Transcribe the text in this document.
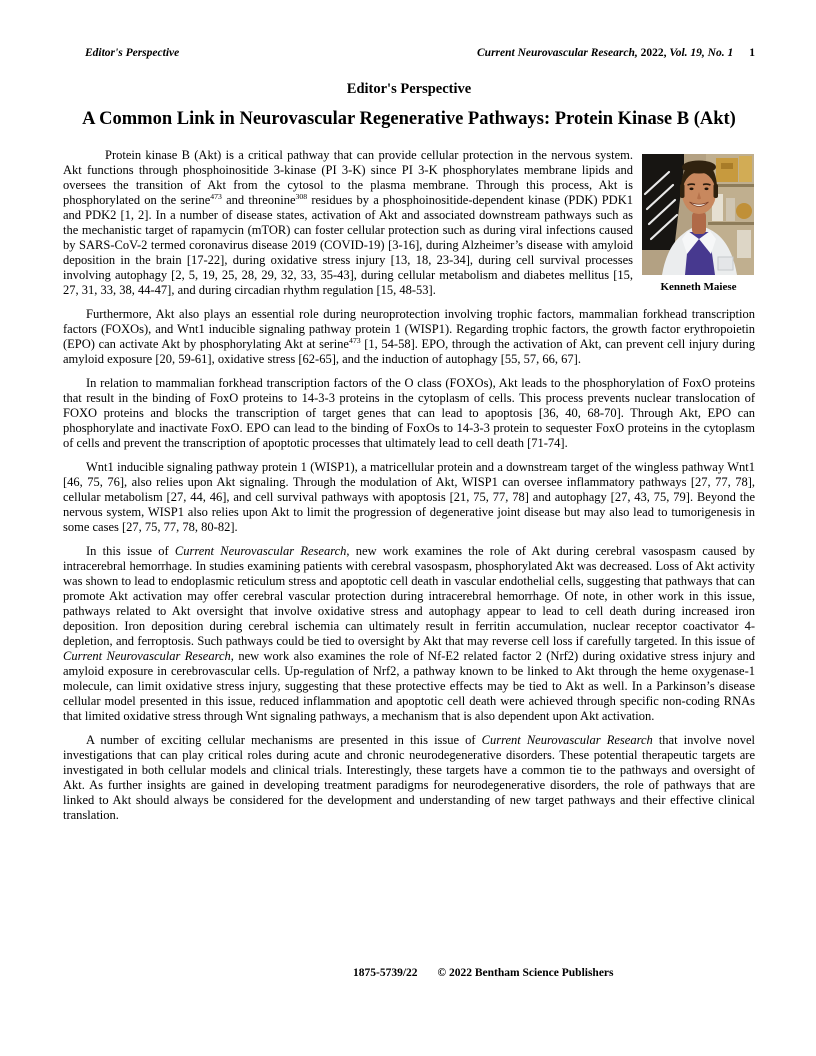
Editor's Perspective	Current Neurovascular Research, 2022, Vol. 19, No. 1 1
Editor's Perspective
A Common Link in Neurovascular Regenerative Pathways: Protein Kinase B (Akt)

Protein kinase B (Akt) is a critical pathway that can provide cellular protection in the nervous system. Akt functions through phosphoinositide 3-kinase (PI 3-K) since PI 3-K phosphorylates membrane lipids and oversees the transition of Akt from the cytosol to the plasma membrane. Through this process, Akt is phosphorylated on the serine$^{473}$ and threonine$^{308}$ residues by a phosphoinositide-dependent kinase (PDK) PDK1 and PDK2 [1, 2]. In a number of disease states, activation of Akt and associated downstream pathways such as the mechanistic target of rapamycin (mTOR) can foster cellular protection such as during viral infections caused by SARS-CoV-2 termed coronavirus disease 2019 (COVID-19) [3-16], during Alzheimer’s disease with amyloid deposition in the brain [17-22], during oxidative stress injury [13, 18, 23-34], during cell survival processes involving autophagy [2, 5, 19, 25, 28, 29, 32, 33, 35-43], during cellular metabolism and diabetes mellitus [15, 27, 31, 33, 38, 44-47], and during circadian rhythm regulation [15, 48-53].	Kenneth Maiese

Furthermore, Akt also plays an essential role during neuroprotection involving trophic factors, mammalian forkhead transcription factors (FOXOs), and Wnt1 inducible signaling pathway protein 1 (WISP1). Regarding trophic factors, the growth factor erythropoietin (EPO) can activate Akt by phosphorylating Akt at serine$^{473}$ [1, 54-58]. EPO, through the activation of Akt, can prevent cell injury during amyloid exposure [20, 59-61], oxidative stress [62-65], and the induction of autophagy [55, 57, 66, 67].

In relation to mammalian forkhead transcription factors of the O class (FOXOs), Akt leads to the phosphorylation of FoxO proteins that result in the binding of FoxO proteins to 14-3-3 proteins in the cytoplasm of cells. This process prevents nuclear translocation of FOXO proteins and blocks the transcription of target genes that can lead to apoptosis [36, 40, 68-70]. Through Akt, EPO can phosphorylate and inactivate FoxO. EPO can lead to the binding of FoxOs to 14-3-3 protein to sequester FoxO proteins in the cytoplasm of cells and prevent the transcription of apoptotic processes that ultimately lead to cell death [71-74].

Wnt1 inducible signaling pathway protein 1 (WISP1), a matricellular protein and a downstream target of the wingless pathway Wnt1 [46, 75, 76], also relies upon Akt signaling. Through the modulation of Akt, WISP1 can oversee inflammatory pathways [27, 77, 78], cellular metabolism [27, 44, 46], and cell survival pathways with apoptosis [21, 75, 77, 78] and autophagy [27, 43, 75, 79]. Beyond the nervous system, WISP1 also relies upon Akt to limit the progression of degenerative joint disease but may also lead to tumorigenesis in some cases [27, 75, 77, 78, 80-82].

In this issue of Current Neurovascular Research, new work examines the role of Akt during cerebral vasospasm caused by intracerebral hemorrhage. In studies examining patients with cerebral vasospasm, phosphorylated Akt was decreased. Loss of Akt activity was shown to lead to endoplasmic reticulum stress and apoptotic cell death in vascular endothelial cells, suggesting that pathways that can promote Akt activation may offer cerebral vascular protection during intracerebral hemorrhage. Of note, in other work in this issue, pathways related to Akt oversight that involve oxidative stress and autophagy appear to lead to cell death during increased iron deposition. Iron deposition during cerebral ischemia can ultimately result in ferritin accumulation, nuclear receptor coactivator 4-depletion, and ferroptosis. Such pathways could be tied to oversight by Akt that may reverse cell loss if carefully targeted. In this issue of Current Neurovascular Research, new work also examines the role of Nf-E2 related factor 2 (Nrf2) during oxidative stress injury and amyloid exposure in cerebrovascular cells. Up-regulation of Nrf2, a pathway known to be linked to Akt through the heme oxygenase-1 molecule, can limit oxidative stress injury, suggesting that these protective effects may be tied to Akt as well. In a Parkinson’s disease cellular model presented in this issue, reduced inflammation and apoptotic cell death were achieved through specific non-coding RNAs that limited oxidative stress through Wnt signaling pathways, a mechanism that is also dependent upon Akt activation.

A number of exciting cellular mechanisms are presented in this issue of Current Neurovascular Research that involve novel investigations that can play critical roles during acute and chronic neurodegenerative disorders. These potential therapeutic targets are investigated in both cellular models and clinical trials. Interestingly, these targets have a common tie to the pathways and oversight of Akt. As further insights are gained in developing treatment paradigms for neurodegenerative disorders, the role of pathways that are linked to Akt should always be considered for the development and understanding of new target pathways and their effective clinical translation.

1875-5739/22 © 2022 Bentham Science Publishers
